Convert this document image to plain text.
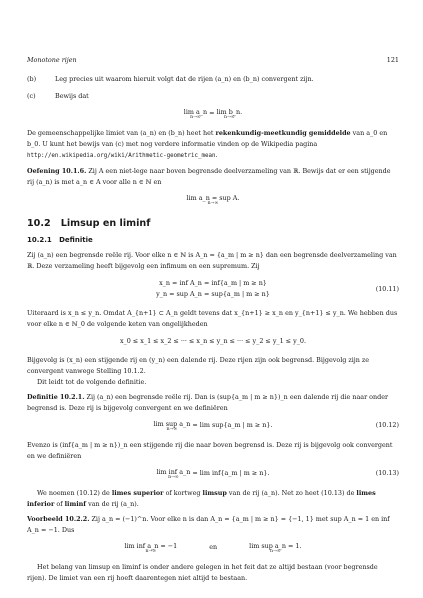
Monotone rijen	121

(b)	Leg precies uit waarom hieruit volgt dat de rijen (a_n) en (b_n) convergent zijn.

(c)	Bewijs dat

lim a_n
n→∞
= lim b_n.
n→∞

De gemeenschappelijke limiet van (a_n) en (b_n) heet het rekenkundig-meetkundig gemiddelde van a_0 en b_0. U kunt het bewijs van (c) met nog verdere informatie vinden op de Wikipedia pagina http://en.wikipedia.org/wiki/Arithmetic-geometric_mean.

Oefening 10.1.6. Zij A een niet-lege naar boven begrensde deelverzameling van ℝ. Bewijs dat er een stijgende rij (a_n) is met a_n ∈ A voor alle n ∈ ℕ en

lim a_n = sup A.
n→∞
10.2 Limsup en liminf
10.2.1 Definitie

Zij (a_n) een begrensde reële rij. Voor elke n ∈ ℕ is A_n = {a_m | m ≥ n} dan een begrensde deelverzameling van ℝ. Deze verzameling heeft bijgevolg een infimum en een supremum. Zij

x_n = inf A_n = inf{a_m | m ≥ n}
y_n = sup A_n = sup{a_m | m ≥ n}
(10.11)

Uiteraard is x_n ≤ y_n. Omdat A_{n+1} ⊂ A_n geldt tevens dat x_{n+1} ≥ x_n en y_{n+1} ≤ y_n. We hebben dus voor elke n ∈ ℕ_0 de volgende keten van ongelijkheden

x_0 ≤ x_1 ≤ x_2 ≤ ··· ≤ x_n ≤ y_n ≤ ··· ≤ y_2 ≤ y_1 ≤ y_0.

Bijgevolg is (x_n) een stijgende rij en (y_n) een dalende rij. Deze rijen zijn ook begrensd. Bijgevolg zijn ze convergent vanwege Stelling 10.1.2.

Dit leidt tot de volgende definitie.

Definitie 10.2.1. Zij (a_n) een begrensde reële rij. Dan is (sup{a_m | m ≥ n})_n een dalende rij die naar onder begrensd is. Deze rij is bijgevolg convergent en we definiëren

lim sup a_n
n→∞
= lim sup{a_m | m ≥ n}.	(10.12)

Evenzo is (inf{a_m | m ≥ n})_n een stijgende rij die naar boven begrensd is. Deze rij is bijgevolg ook convergent en we definiëren

lim inf a_n
n→∞
= lim inf{a_m | m ≥ n}.	(10.13)

We noemen (10.12) de limes superior of kortweg limsup van de rij (a_n). Net zo heet (10.13) de limes inferior of liminf van de rij (a_n).

Voorbeeld 10.2.2. Zij a_n = (−1)^n. Voor elke n is dan A_n = {a_m | m ≥ n} = {−1, 1} met sup A_n = 1 en inf A_n = −1. Dus

lim inf a_n = −1
n→∞
en	lim sup a_n = 1.
n→∞

Het belang van limsup en liminf is onder andere gelegen in het feit dat ze altijd bestaan (voor begrensde rijen). De limiet van een rij hoeft daarentegen niet altijd te bestaan.
